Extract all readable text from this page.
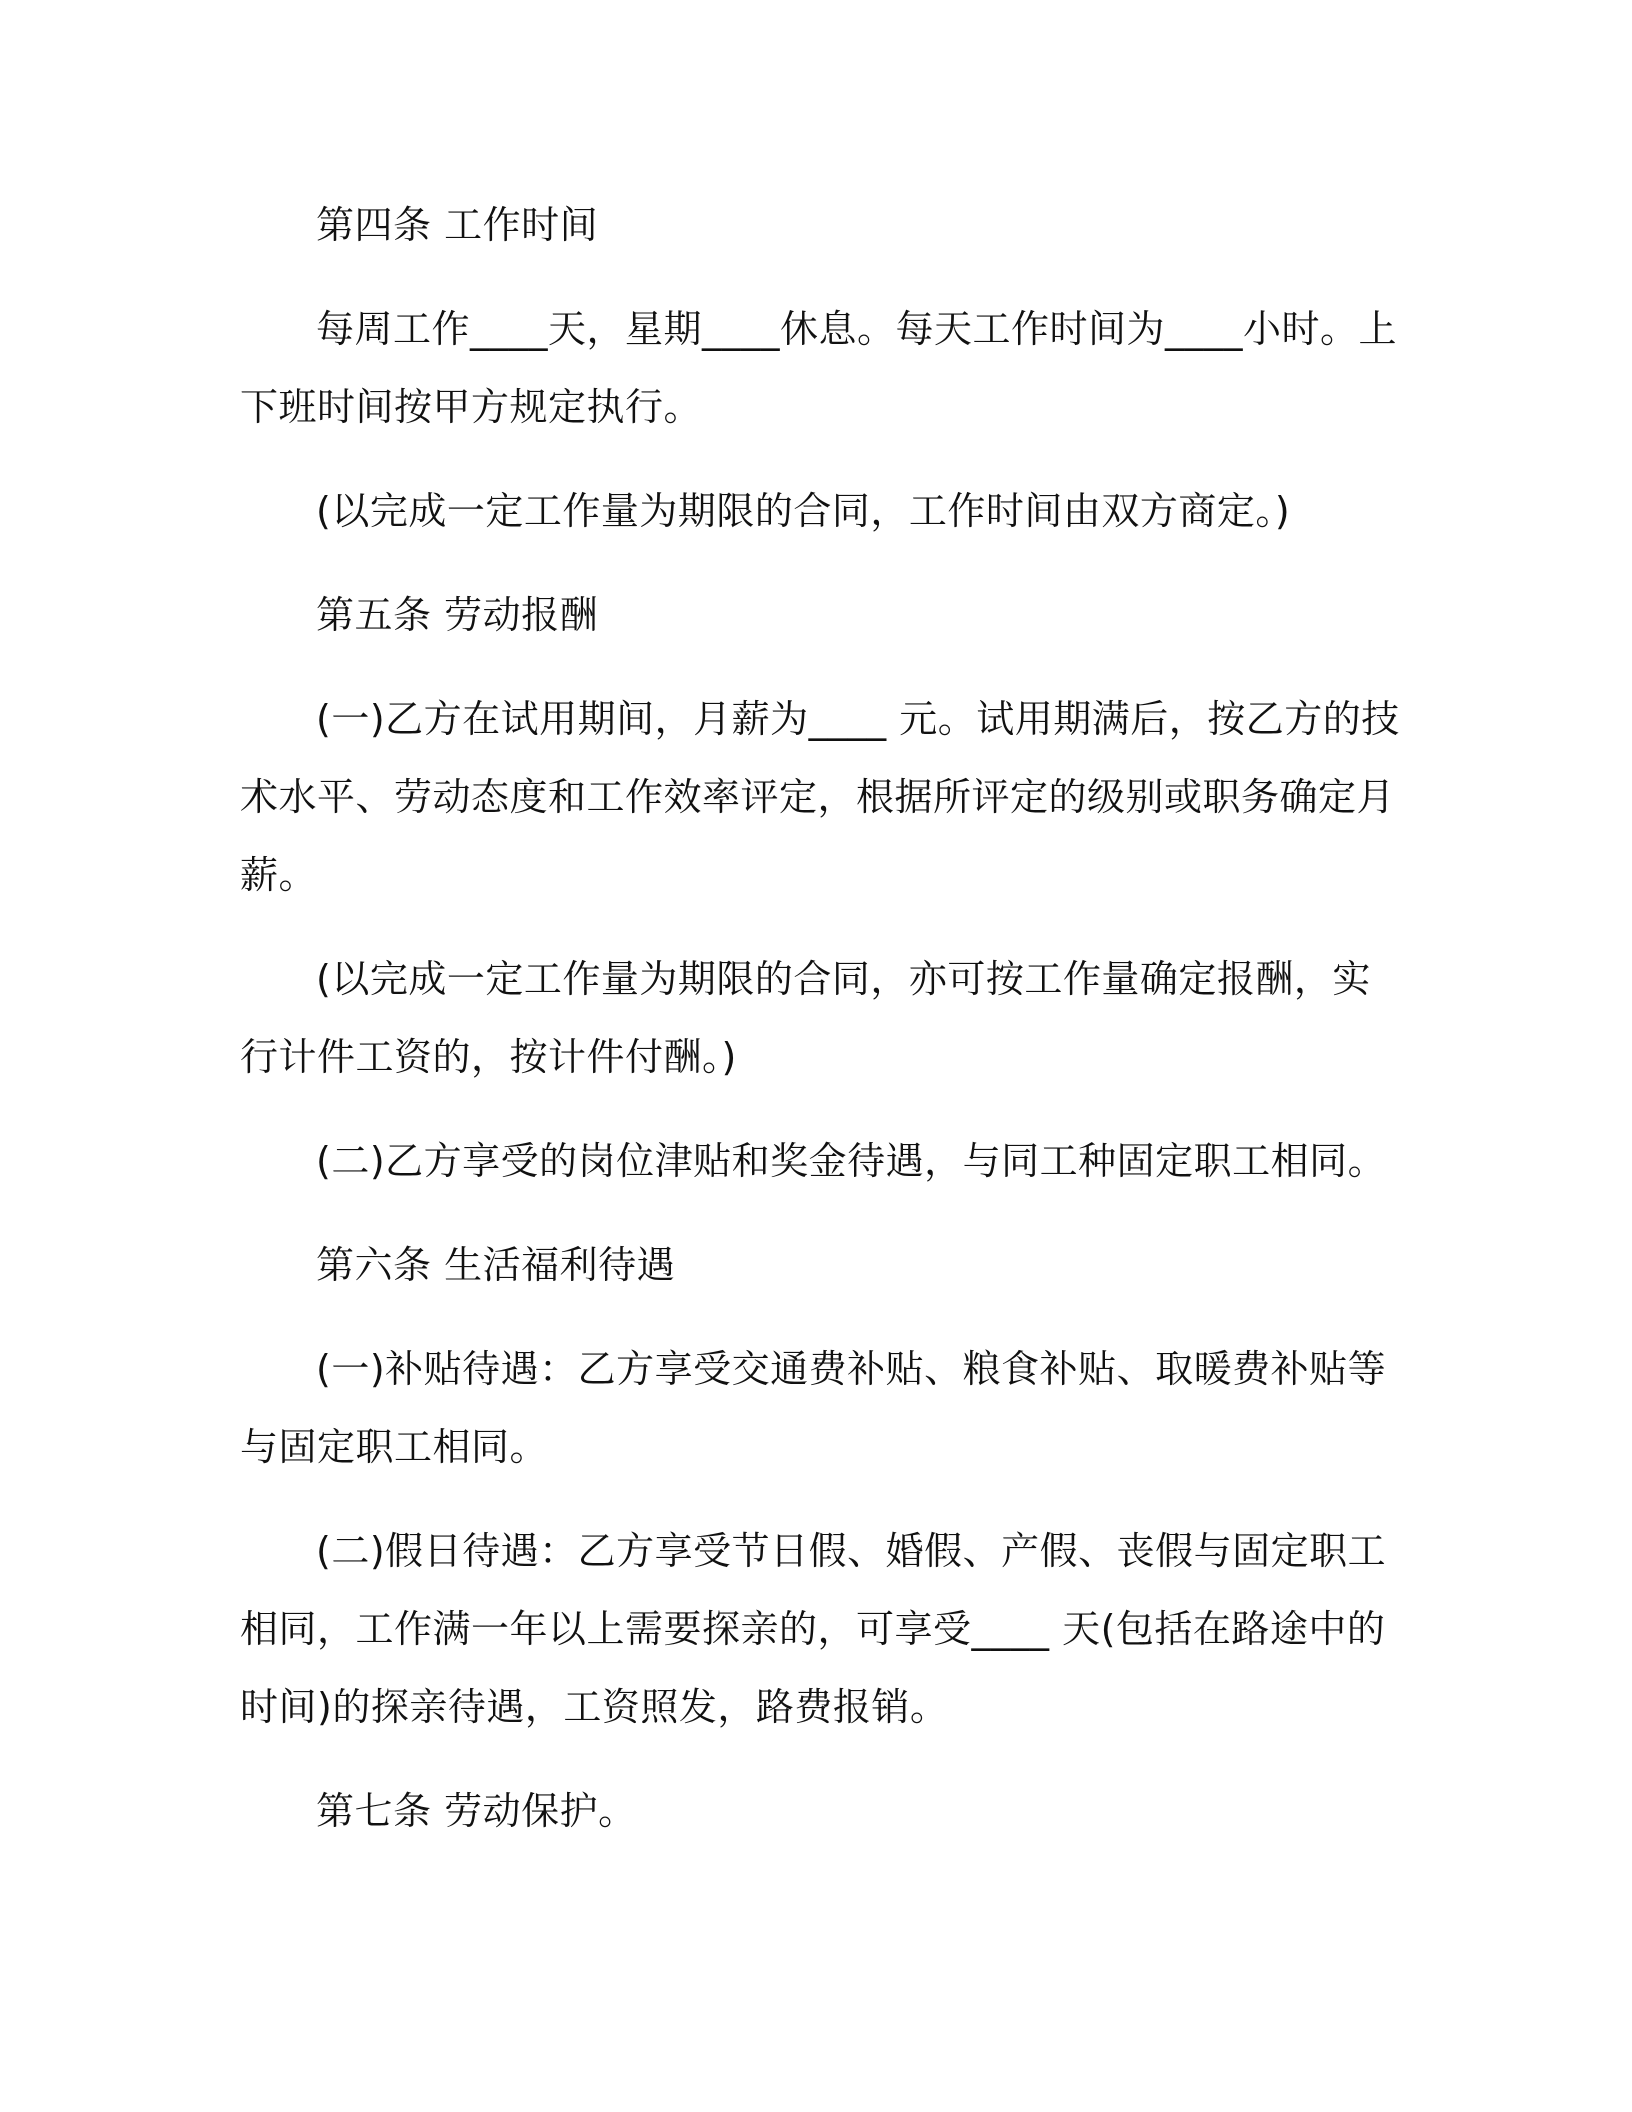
第四条 工作时间

每周工作____天，星期____休息。每天工作时间为____小时。上下班时间按甲方规定执行。

(以完成一定工作量为期限的合同，工作时间由双方商定。)

第五条 劳动报酬

(一)乙方在试用期间，月薪为____ 元。试用期满后，按乙方的技术水平、劳动态度和工作效率评定，根据所评定的级别或职务确定月薪。

(以完成一定工作量为期限的合同，亦可按工作量确定报酬，实行计件工资的，按计件付酬。)

(二)乙方享受的岗位津贴和奖金待遇，与同工种固定职工相同。

第六条 生活福利待遇

(一)补贴待遇：乙方享受交通费补贴、粮食补贴、取暖费补贴等与固定职工相同。

(二)假日待遇：乙方享受节日假、婚假、产假、丧假与固定职工相同，工作满一年以上需要探亲的，可享受____ 天(包括在路途中的时间)的探亲待遇，工资照发，路费报销。

第七条 劳动保护。
